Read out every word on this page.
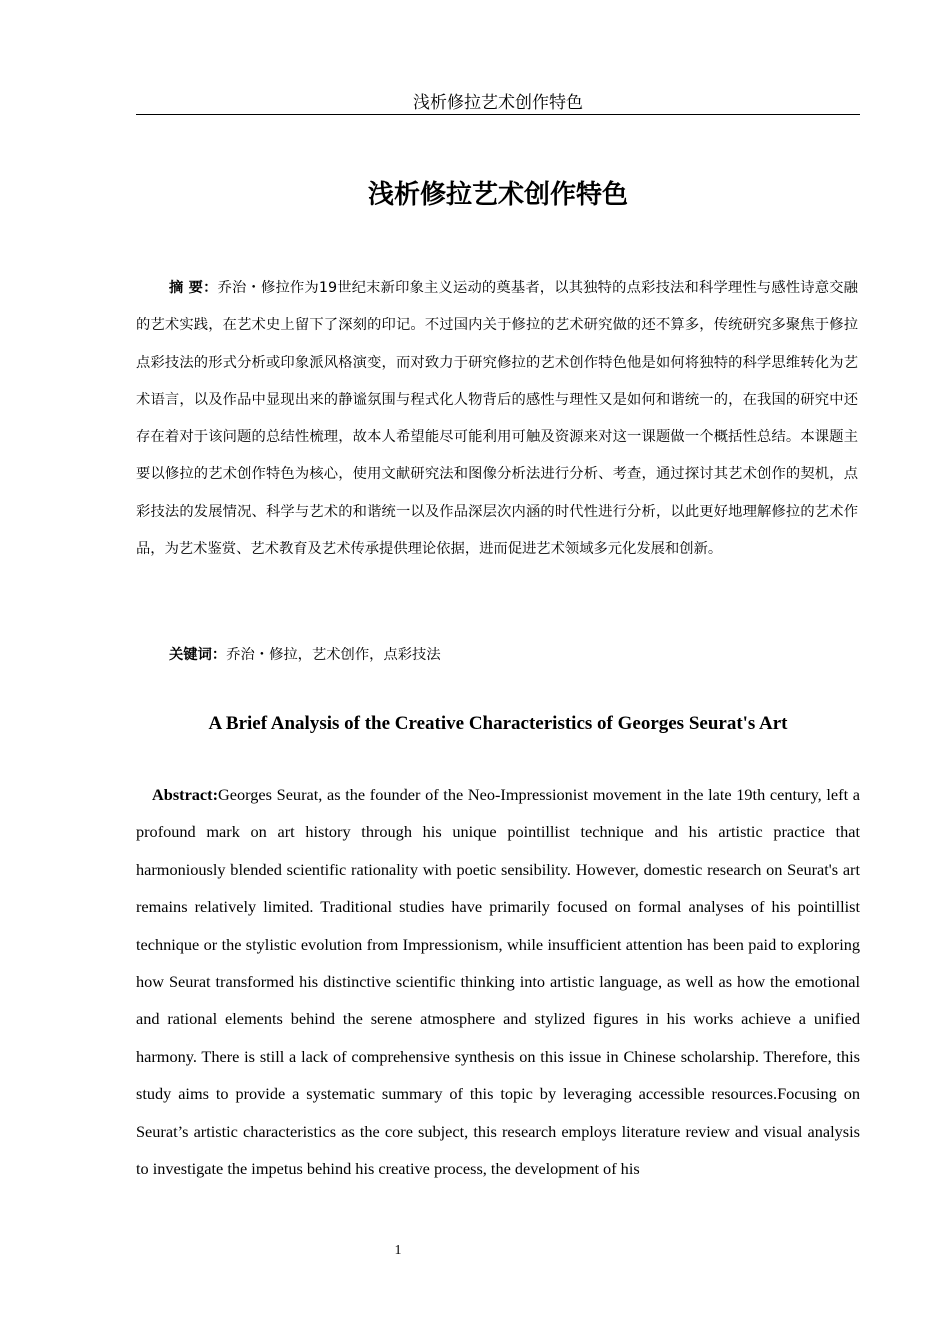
浅析修拉艺术创作特色
浅析修拉艺术创作特色

摘 要：乔治・修拉作为19世纪末新印象主义运动的奠基者，以其独特的点彩技法和科学理性与感性诗意交融的艺术实践，在艺术史上留下了深刻的印记。不过国内关于修拉的艺术研究做的还不算多，传统研究多聚焦于修拉点彩技法的形式分析或印象派风格演变，而对致力于研究修拉的艺术创作特色他是如何将独特的科学思维转化为艺术语言，以及作品中显现出来的静谧氛围与程式化人物背后的感性与理性又是如何和谐统一的，在我国的研究中还存在着对于该问题的总结性梳理，故本人希望能尽可能利用可触及资源来对这一课题做一个概括性总结。本课题主要以修拉的艺术创作特色为核心，使用文献研究法和图像分析法进行分析、考查，通过探讨其艺术创作的契机，点彩技法的发展情况、科学与艺术的和谐统一以及作品深层次内涵的时代性进行分析，以此更好地理解修拉的艺术作品，为艺术鉴赏、艺术教育及艺术传承提供理论依据，进而促进艺术领域多元化发展和创新。

关键词：乔治・修拉，艺术创作，点彩技法

A Brief Analysis of the Creative Characteristics of Georges Seurat's Art

Abstract:Georges Seurat, as the founder of the Neo-Impressionist movement in the late 19th century, left a profound mark on art history through his unique pointillist technique and his artistic practice that harmoniously blended scientific rationality with poetic sensibility. However, domestic research on Seurat's art remains relatively limited. Traditional studies have primarily focused on formal analyses of his pointillist technique or the stylistic evolution from Impressionism, while insufficient attention has been paid to exploring how Seurat transformed his distinctive scientific thinking into artistic language, as well as how the emotional and rational elements behind the serene atmosphere and stylized figures in his works achieve a unified harmony. There is still a lack of comprehensive synthesis on this issue in Chinese scholarship. Therefore, this study aims to provide a systematic summary of this topic by leveraging accessible resources.Focusing on Seurat’s artistic characteristics as the core subject, this research employs literature review and visual analysis to investigate the impetus behind his creative process, the development of his

1
